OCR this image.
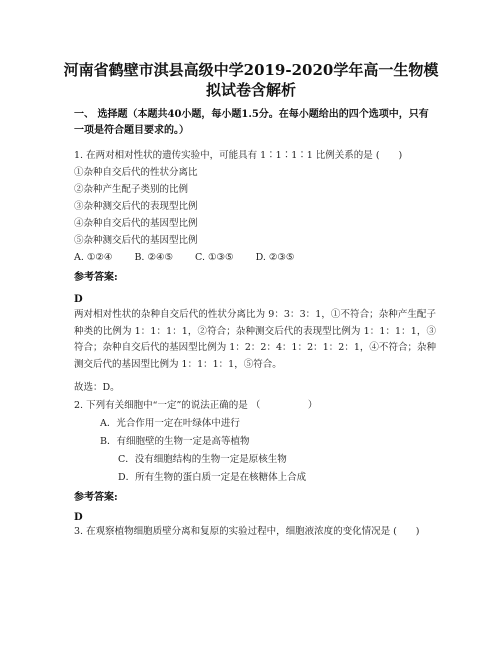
河南省鹤壁市淇县高级中学2019-2020学年高一生物模
拟试卷含解析
一、 选择题（本题共40小题，每小题1.5分。在每小题给出的四个选项中，只有一项是符合题目要求的。）
1. 在两对相对性状的遗传实验中，可能具有 1∶1∶1∶1 比例关系的是 (　　)
①杂种自交后代的性状分离比
②杂种产生配子类别的比例
③杂种测交后代的表现型比例
④杂种自交后代的基因型比例
⑤杂种测交后代的基因型比例
A. ①②④ B. ②④⑤ C. ①③⑤ D. ②③⑤
参考答案:
D
两对相对性状的杂种自交后代的性状分离比为 9：3：3：1，①不符合；杂种产生配子种类的比例为 1：1：1：1，②符合；杂种测交后代的表现型比例为 1：1：1：1，③符合；杂种自交后代的基因型比例为 1：2：2：4：1：2：1：2：1，④不符合；杂种测交后代的基因型比例为 1：1：1：1，⑤符合。
故选：D。
2. 下列有关细胞中“一定”的说法正确的是 （　　　　　）
A．光合作用一定在叶绿体中进行
B．有细胞壁的生物一定是高等植物
C．没有细胞结构的生物一定是原核生物
D．所有生物的蛋白质一定是在核糖体上合成
参考答案:
D
3. 在观察植物细胞质壁分离和复原的实验过程中，细胞液浓度的变化情况是 (　　)
